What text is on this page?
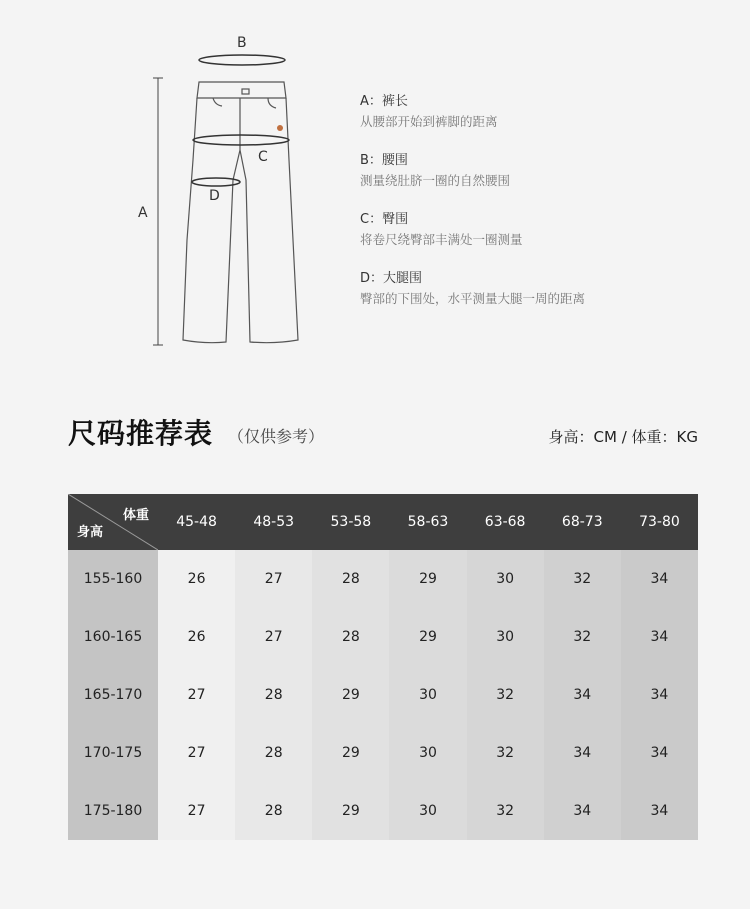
B
A
C
D
A：裤长
从腰部开始到裤脚的距离
B：腰围
测量绕肚脐一圈的自然腰围
C：臀围
将卷尺绕臀部丰满处一圈测量
D：大腿围
臀部的下围处，水平测量大腿一周的距离
尺码推荐表 （仅供参考）	身高：CM / 体重：KG
体重
身高	45-48	48-53	53-58	58-63	63-68	68-73	73-80
155-160	26	27	28	29	30	32	34
160-165	26	27	28	29	30	32	34
165-170	27	28	29	30	32	34	34
170-175	27	28	29	30	32	34	34
175-180	27	28	29	30	32	34	34
